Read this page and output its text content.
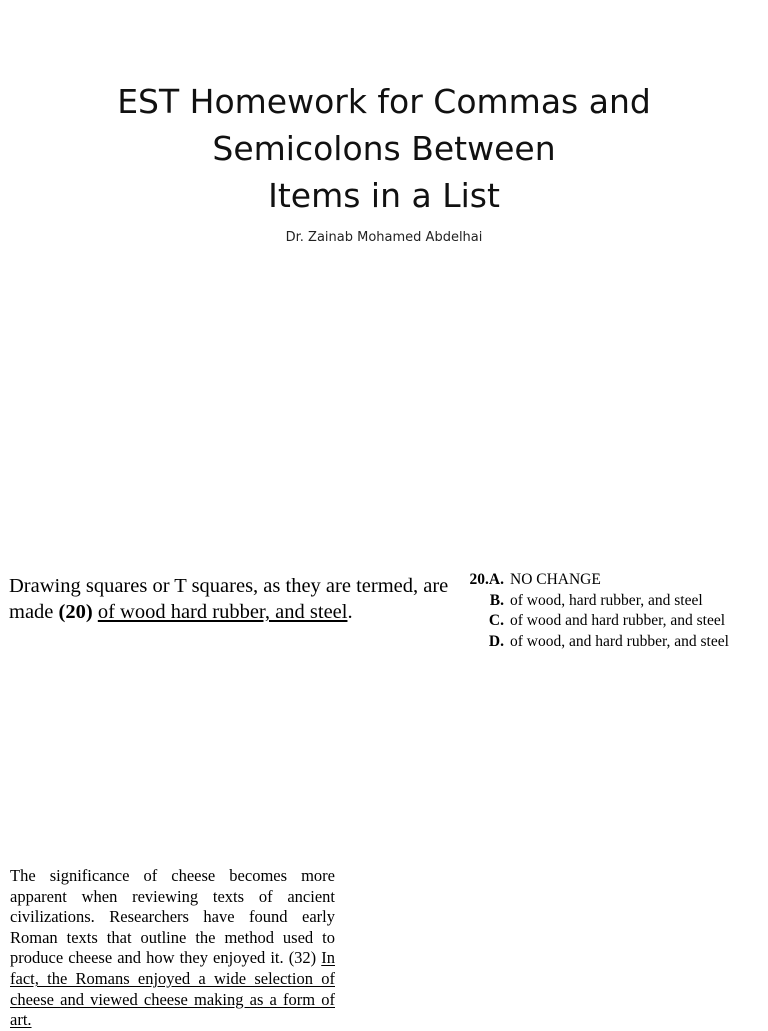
EST Homework for Commas and
Semicolons Between
Items in a List
Dr. Zainab Mohamed Abdelhai
Drawing squares or T squares, as they are termed, are made (20) of wood hard rubber, and steel.
20.A. NO CHANGE
B. of wood, hard rubber, and steel
C. of wood and hard rubber, and steel
D. of wood, and hard rubber, and steel
The significance of cheese becomes more apparent when reviewing texts of ancient civilizations. Researchers have found early Roman texts that outline the method used to produce cheese and how they enjoyed it. (32) In fact, the Romans enjoyed a wide selection of cheese and viewed cheese making as a form of art.
